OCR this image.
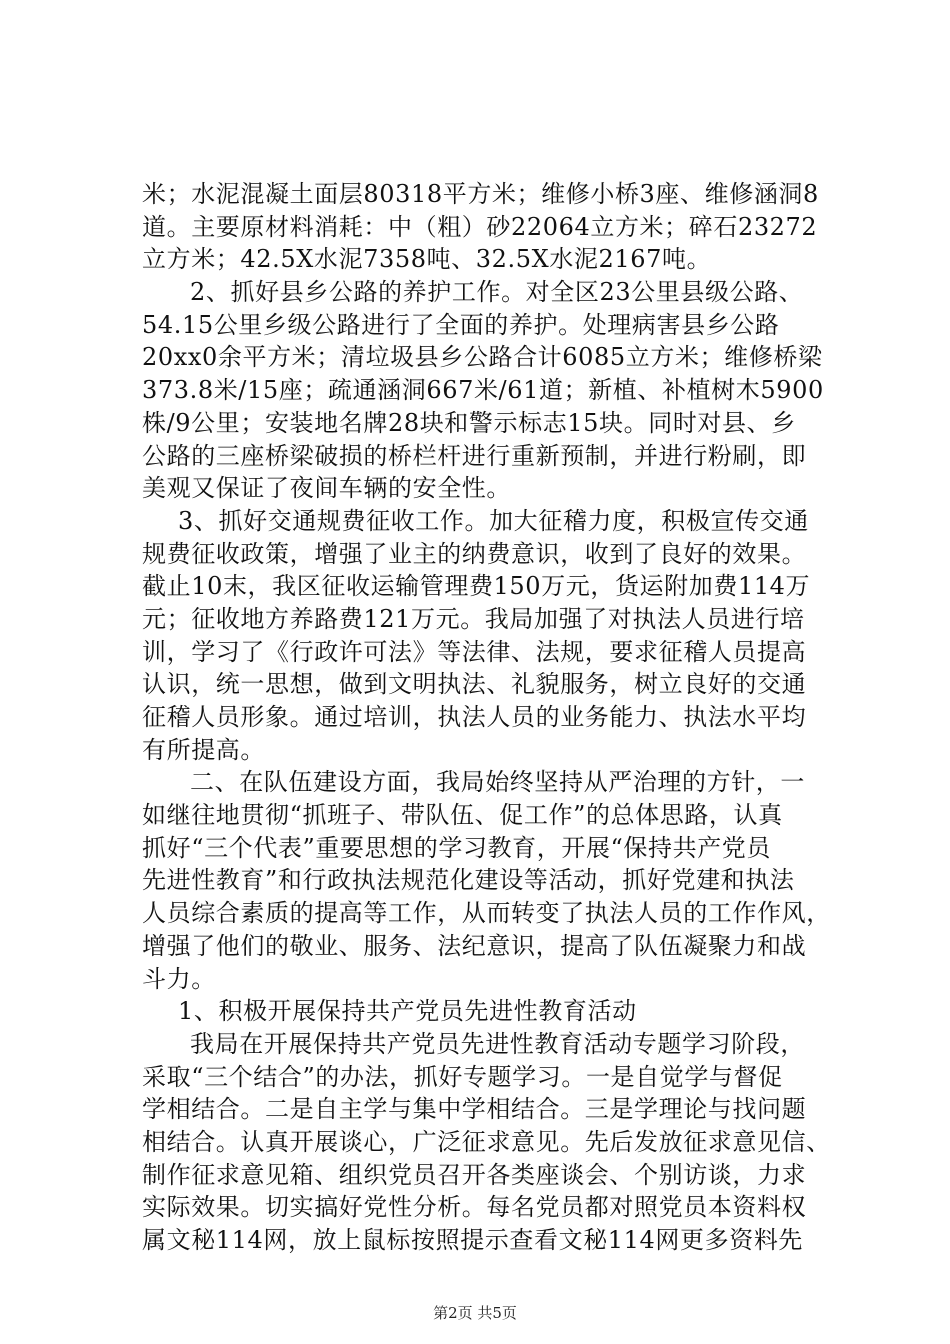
米；水泥混凝土面层80318平方米；维修小桥3座、维修涵洞8
道。主要原材料消耗：中（粗）砂22064立方米；碎石23272
立方米；42.5X水泥7358吨、32.5X水泥2167吨。
2、抓好县乡公路的养护工作。对全区23公里县级公路、
54.15公里乡级公路进行了全面的养护。处理病害县乡公路
20xx0余平方米；清垃圾县乡公路合计6085立方米；维修桥梁
373.8米/15座；疏通涵洞667米/61道；新植、补植树木5900
株/9公里；安装地名牌28块和警示标志15块。同时对县、乡
公路的三座桥梁破损的桥栏杆进行重新预制，并进行粉刷，即
美观又保证了夜间车辆的安全性。
3、抓好交通规费征收工作。加大征稽力度，积极宣传交通
规费征收政策，增强了业主的纳费意识，收到了良好的效果。
截止10末，我区征收运输管理费150万元，货运附加费114万
元；征收地方养路费121万元。我局加强了对执法人员进行培
训，学习了《行政许可法》等法律、法规，要求征稽人员提高
认识，统一思想，做到文明执法、礼貌服务，树立良好的交通
征稽人员形象。通过培训，执法人员的业务能力、执法水平均
有所提高。
二、在队伍建设方面，我局始终坚持从严治理的方针，一
如继往地贯彻“抓班子、带队伍、促工作”的总体思路，认真
抓好“三个代表”重要思想的学习教育，开展“保持共产党员
先进性教育”和行政执法规范化建设等活动，抓好党建和执法
人员综合素质的提高等工作，从而转变了执法人员的工作作风，
增强了他们的敬业、服务、法纪意识，提高了队伍凝聚力和战
斗力。
1、积极开展保持共产党员先进性教育活动
我局在开展保持共产党员先进性教育活动专题学习阶段，
采取“三个结合”的办法，抓好专题学习。一是自觉学与督促
学相结合。二是自主学与集中学相结合。三是学理论与找问题
相结合。认真开展谈心，广泛征求意见。先后发放征求意见信、
制作征求意见箱、组织党员召开各类座谈会、个别访谈，力求
实际效果。切实搞好党性分析。每名党员都对照党员本资料权
属文秘114网，放上鼠标按照提示查看文秘114网更多资料先
第2页 共5页
